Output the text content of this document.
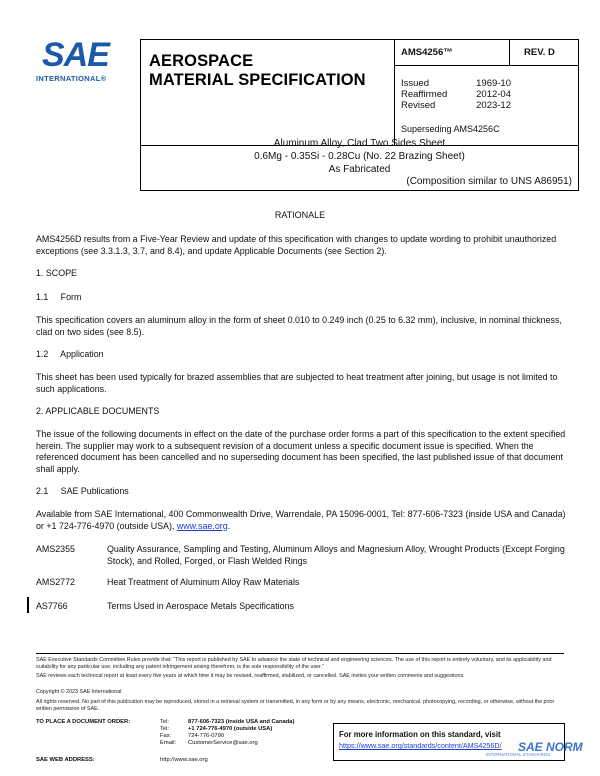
SAE
INTERNATIONAL®
AEROSPACE
MATERIAL SPECIFICATION
AMS4256™	REV. D
Issued	1969-10
Reaffirmed	2012-04
Revised	2023-12
Superseding AMS4256C
Aluminum Alloy, Clad Two Sides Sheet
0.6Mg - 0.35Si - 0.28Cu (No. 22 Brazing Sheet)
As Fabricated
(Composition similar to UNS A86951)
RATIONALE
AMS4256D results from a Five-Year Review and update of this specification with changes to update wording to prohibit unauthorized exceptions (see 3.3.1.3, 3.7, and 8.4), and update Applicable Documents (see Section 2).
1. SCOPE
1.1     Form
This specification covers an aluminum alloy in the form of sheet 0.010 to 0.249 inch (0.25 to 6.32 mm), inclusive, in nominal thickness, clad on two sides (see 8.5).
1.2     Application
This sheet has been used typically for brazed assemblies that are subjected to heat treatment after joining, but usage is not limited to such applications.
2. APPLICABLE DOCUMENTS
The issue of the following documents in effect on the date of the purchase order forms a part of this specification to the extent specified herein. The supplier may work to a subsequent revision of a document unless a specific document issue is specified. When the referenced document has been cancelled and no superseding document has been specified, the last published issue of that document shall apply.
2.1     SAE Publications
Available from SAE International, 400 Commonwealth Drive, Warrendale, PA 15096-0001, Tel: 877-606-7323 (inside USA and Canada) or +1 724-776-4970 (outside USA), www.sae.org.
AMS2355	Quality Assurance, Sampling and Testing, Aluminum Alloys and Magnesium Alloy, Wrought Products (Except Forging Stock), and Rolled, Forged, or Flash Welded Rings
AMS2772	Heat Treatment of Aluminum Alloy Raw Materials
AS7766	Terms Used in Aerospace Metals Specifications
SAE Executive Standards Committee Rules provide that: “This report is published by SAE to advance the state of technical and engineering sciences. The use of this report is entirely voluntary, and its applicability and suitability for any particular use, including any patent infringement arising therefrom, is the sole responsibility of the user.”
SAE reviews each technical report at least every five years at which time it may be revised, reaffirmed, stabilized, or cancelled. SAE invites your written comments and suggestions.
Copyright © 2023 SAE International
All rights reserved. No part of this publication may be reproduced, stored in a retrieval system or transmitted, in any form or by any means, electronic, mechanical, photocopying, recording, or otherwise, without the prior written permission of SAE.
TO PLACE A DOCUMENT ORDER:	Tel:	877-606-7323 (inside USA and Canada)
Tel:	+1 724-776-4970 (outside USA)
Fax:	724-776-0790
Email: CustomerService@sae.org
SAE WEB ADDRESS:	http://www.sae.org
For more information on this standard, visit
https://www.sae.org/standards/content/AMS4256D/ SAE NORM
INTERNATIONAL STANDARDS
